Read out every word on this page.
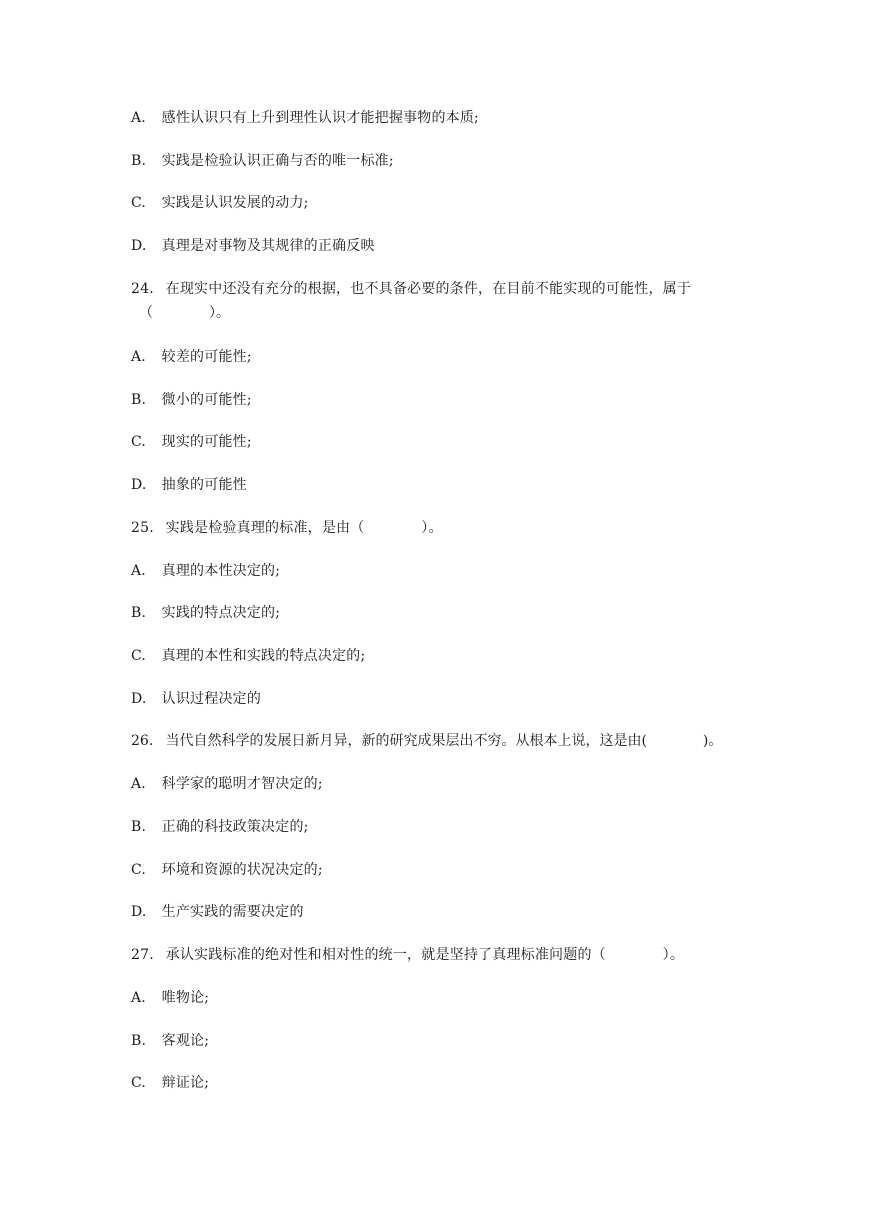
A. 感性认识只有上升到理性认识才能把握事物的本质;
B. 实践是检验认识正确与否的唯一标准;
C. 实践是认识发展的动力;
D. 真理是对事物及其规律的正确反映
24. 在现实中还没有充分的根据，也不具备必要的条件，在目前不能实现的可能性，属于
（　　　　）。
A. 较差的可能性;
B. 微小的可能性;
C. 现实的可能性;
D. 抽象的可能性
25. 实践是检验真理的标准，是由（　　　　）。
A. 真理的本性决定的;
B. 实践的特点决定的;
C. 真理的本性和实践的特点决定的;
D. 认识过程决定的
26. 当代自然科学的发展日新月异，新的研究成果层出不穷。从根本上说，这是由(　　　　)。
A. 科学家的聪明才智决定的;
B. 正确的科技政策决定的;
C. 环境和资源的状况决定的;
D. 生产实践的需要决定的
27. 承认实践标准的绝对性和相对性的统一，就是坚持了真理标准问题的（　　　　）。
A. 唯物论;
B. 客观论;
C. 辩证论;
